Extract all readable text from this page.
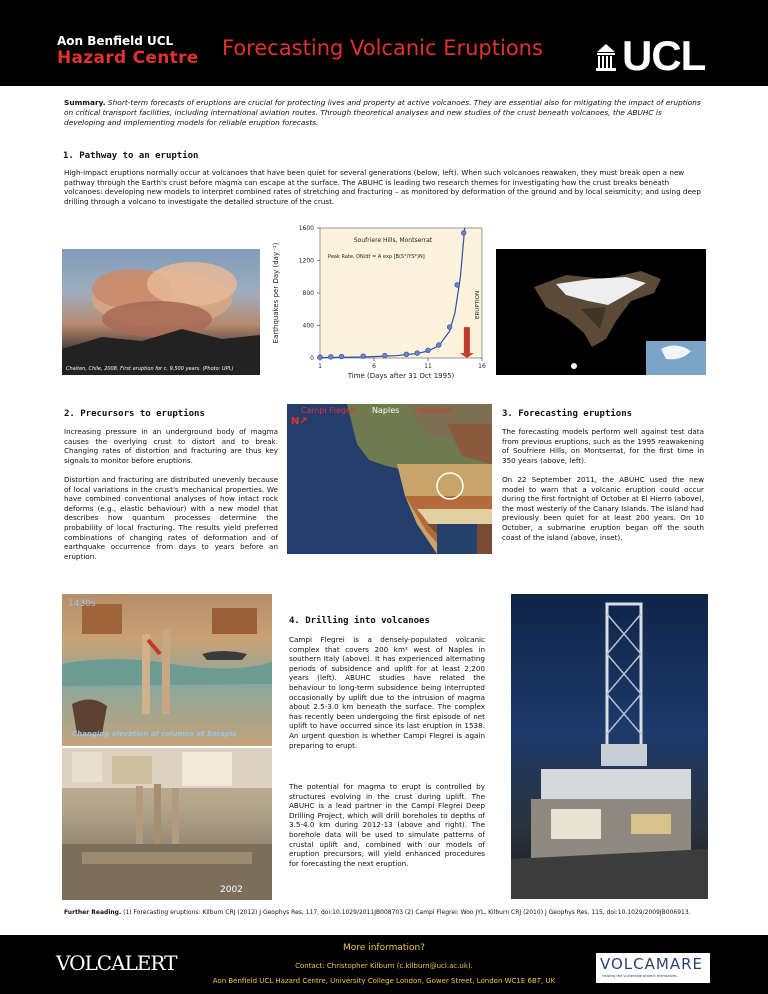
Aon Benfield UCL
Hazard Centre Forecasting Volcanic Eruptions UCL
Summary. Short-term forecasts of eruptions are crucial for protecting lives and property at active volcanoes. They are essential also for mitigating the impact of eruptions on critical transport facilities, including international aviation routes. Through theoretical analyses and new studies of the crust beneath volcanoes, the ABUHC is developing and implementing models for reliable eruption forecasts.
1. Pathway to an eruption
High-impact eruptions normally occur at volcanoes that have been quiet for several generations (below, left). When such volcanoes reawaken, they must break open a new pathway through the Earth's crust before magma can escape at the surface. The ABUHC is leading two research themes for investigating how the crust breaks beneath volcanoes: developing new models to interpret combined rates of stretching and fracturing – as monitored by deformation of the ground and by local seismicity; and using deep drilling through a volcano to investigate the detailed structure of the crust.
Chaiten, Chile, 2008. First eruption for c. 9,500 years. (Photo: UPI.)
0
400
800
1200
1600
1	6	11	16
ERUPTION
Soufriere Hills, Montserrat
Peak Rate, DN/dt = A exp [B(S°/YS*)N]
Time (Days after 31 Oct 1995)
Earthquakes per Day (day⁻¹)
2. Precursors to eruptions
Increasing pressure in an underground body of magma causes the overlying crust to distort and to break. Changing rates of distortion and fracturing are thus key signals to monitor before eruptions.
Distortion and fracturing are distributed unevenly because of local variations in the crust's mechanical properties. We have combined conventional analyses of how intact rock deforms (e.g., elastic behaviour) with a new model that describes how quantum processes determine the probability of local fracturing. The results yield preferred combinations of changing rates of deformation and of earthquake occurrence from days to years before an eruption.
Campi Flegrei Naples Vesuvius
N↗
3. Forecasting eruptions
The forecasting models perform well against test data from previous eruptions, such as the 1995 reawakening of Soufriere Hills, on Montserrat, for the first time in 350 years (above, left).
On 22 September 2011, the ABUHC used the new model to warn that a volcanic eruption could occur during the first fortnight of October at El Hierro (above), the most westerly of the Canary Islands. The island had previously been quiet for at least 200 years. On 10 October, a submarine eruption began off the south coast of the island (above, inset).
1430s
Changing elevation of columns at Serapis
2002
4. Drilling into volcanoes
Campi Flegrei is a densely-populated volcanic complex that covers 200 km² west of Naples in southern Italy (above). It has experienced alternating periods of subsidence and uplift for at least 2,200 years (left). ABUHC studies have related the behaviour to long-term subsidence being interrupted occasionally by uplift due to the intrusion of magma about 2.5-3.0 km beneath the surface. The complex has recently been undergoing the first episode of net uplift to have occurred since its last eruption in 1538. An urgent question is whether Campi Flegrei is again preparing to erupt.
The potential for magma to erupt is controlled by structures evolving in the crust during uplift. The ABUHC is a lead partner in the Campi Flegrei Deep Drilling Project, which will drill boreholes to depths of 3.5-4.0 km during 2012-13 (above and right). The borehole data will be used to simulate patterns of crustal uplift and, combined with our models of eruption precursors, will yield enhanced procedures for forecasting the next eruption.
Further Reading. (1) Forecasting eruptions: Kilburn CRJ (2012) J Geophys Res, 117, doi:10.1029/2011JB008703 (2) Campi Flegrei: Woo JYL, Kilburn CRJ (2010) J Geophys Res, 115, doi:10.1029/2009JB006913.
VOLCALERT
More information?
Contact: Christopher Kilburn (c.kilburn@ucl.ac.uk).
Aon Benfield UCL Hazard Centre, University College London, Gower Street, London WC1E 6BT, UK
VOLCAMARE
Helping the vulnerable protect themselves
